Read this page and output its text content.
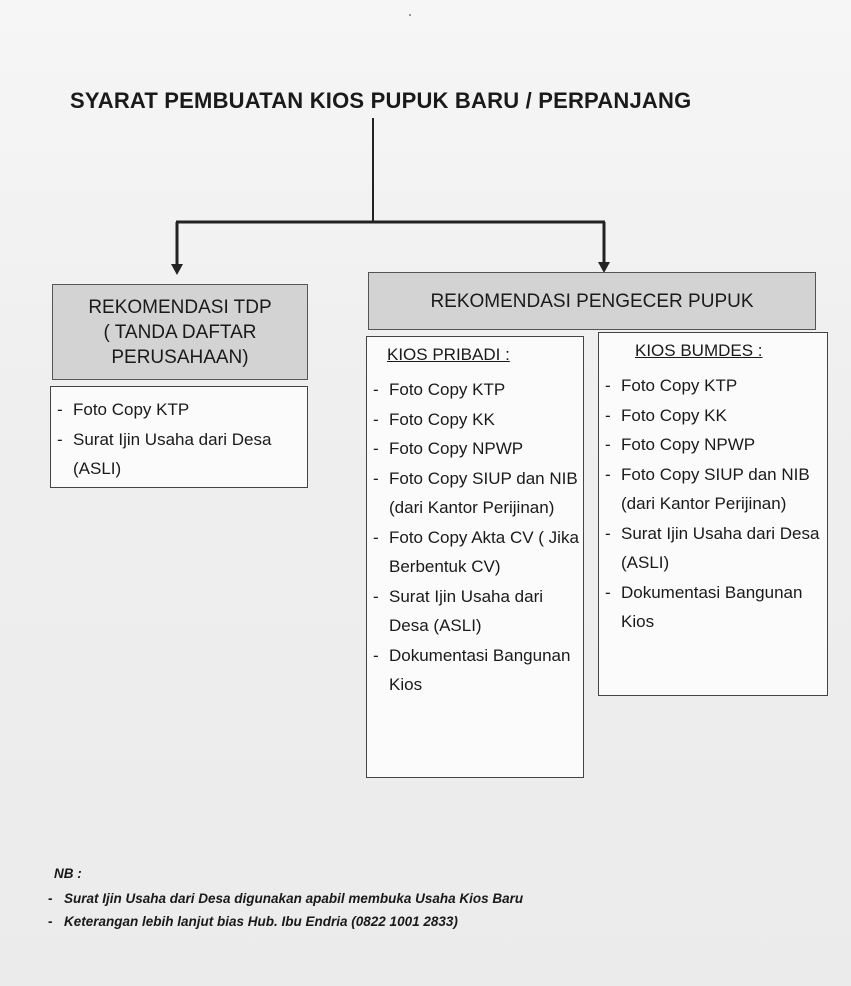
SYARAT PEMBUATAN KIOS PUPUK BARU / PERPANJANG
REKOMENDASI TDP
( TANDA DAFTAR
PERUSAHAAN)
- Foto Copy KTP
- Surat Ijin Usaha dari Desa (ASLI)
REKOMENDASI PENGECER PUPUK
KIOS PRIBADI :
- Foto Copy KTP
- Foto Copy KK
- Foto Copy NPWP
- Foto Copy SIUP dan NIB (dari Kantor Perijinan)
- Foto Copy Akta CV ( Jika Berbentuk CV)
- Surat Ijin Usaha dari Desa (ASLI)
- Dokumentasi Bangunan Kios
KIOS BUMDES :
- Foto Copy KTP
- Foto Copy KK
- Foto Copy NPWP
- Foto Copy SIUP dan NIB (dari Kantor Perijinan)
- Surat Ijin Usaha dari Desa (ASLI)
- Dokumentasi Bangunan Kios
NB :
- Surat Ijin Usaha dari Desa digunakan apabil membuka Usaha Kios Baru
- Keterangan lebih lanjut bias Hub. Ibu Endria (0822 1001 2833)
